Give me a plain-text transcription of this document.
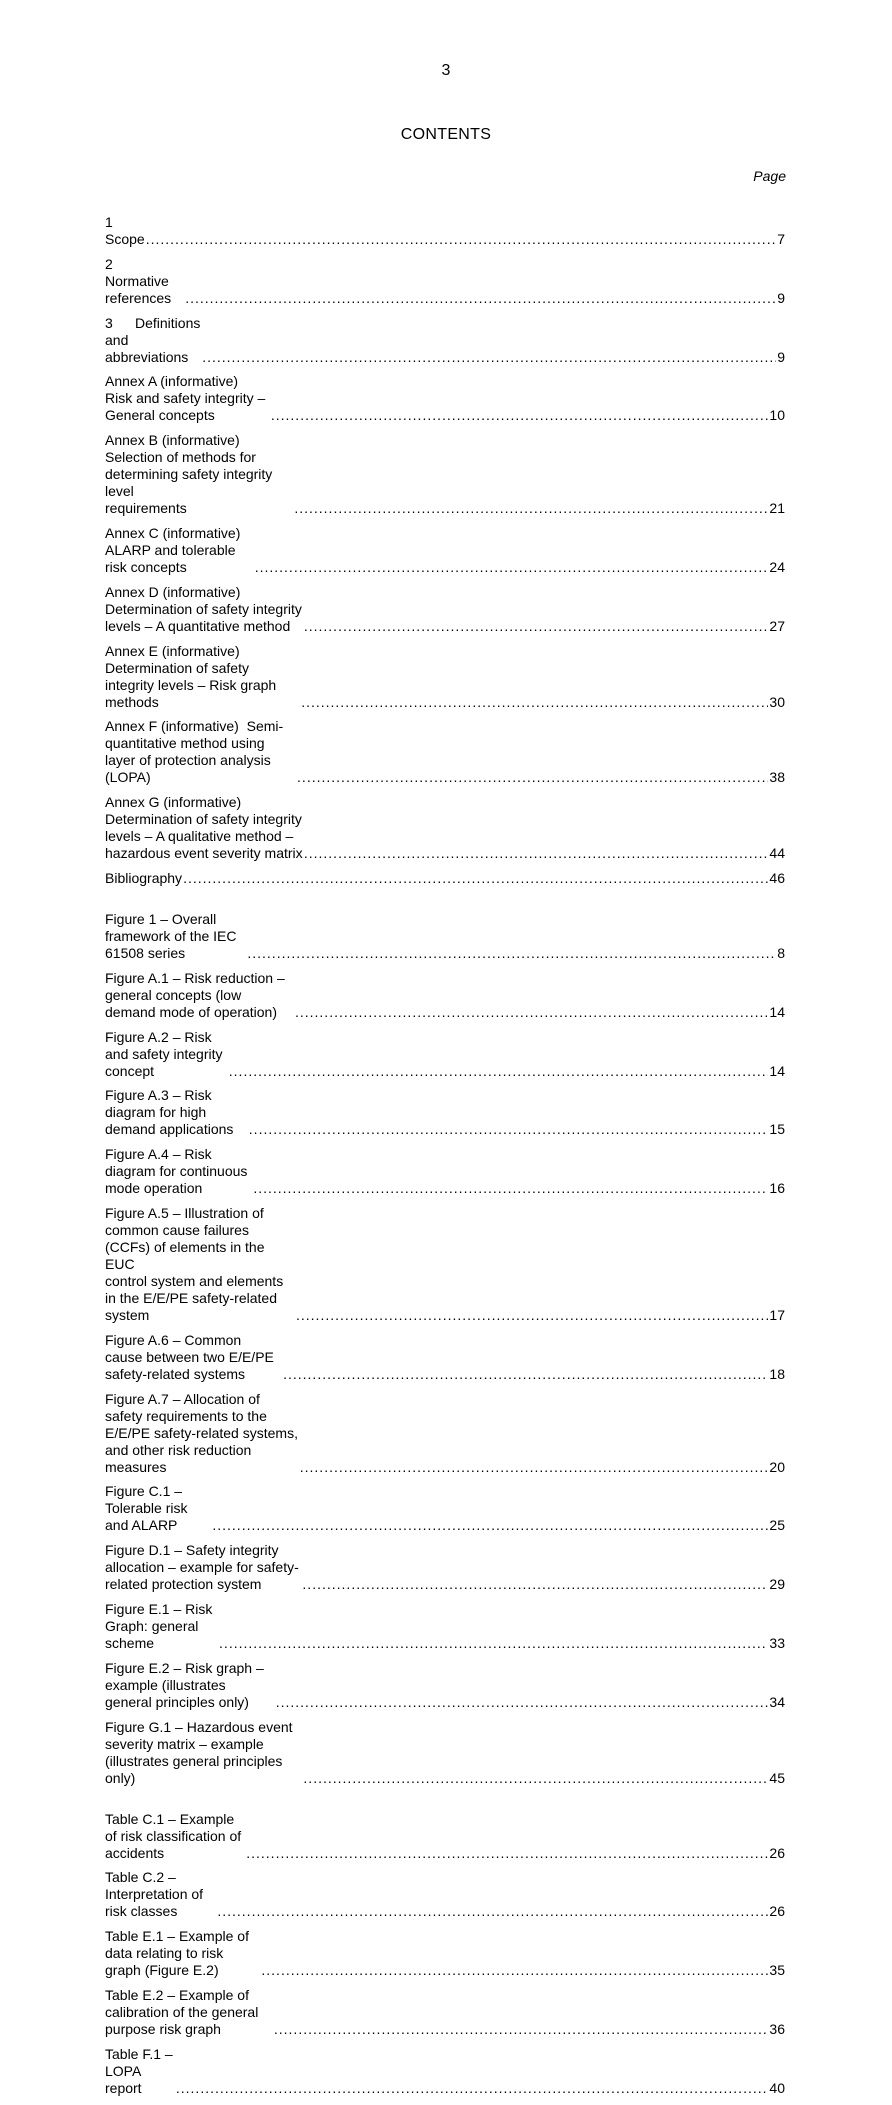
3
CONTENTS
Page
1Scope .....	7
2Normative references .....	9
3 Definitions and abbreviations .....	9
Annex A (informative)  Risk and safety integrity – General concepts .....	10
Annex B (informative)  Selection of methods for determining safety integrity level
requirements .....	21
Annex C (informative)  ALARP and tolerable risk concepts .....	24
Annex D (informative)  Determination of safety integrity levels – A quantitative method .....	27
Annex E (informative)  Determination of safety integrity levels – Risk graph methods .....	30
Annex F (informative)  Semi-quantitative method using layer of protection analysis
(LOPA) .....	38
Annex G (informative)  Determination of safety integrity levels – A qualitative method –
hazardous event severity matrix .....	44
Bibliography .....	46
Figure 1 – Overall framework of the IEC 61508 series .....	8
Figure A.1 – Risk reduction – general concepts (low demand mode of operation) .....	14
Figure A.2 – Risk and safety integrity concept .....	14
Figure A.3 – Risk diagram for high demand applications .....	15
Figure A.4 – Risk diagram for continuous mode operation .....	16
Figure A.5 – Illustration of common cause failures (CCFs) of elements in the EUC
control system and elements in the E/E/PE safety-related system .....	17
Figure A.6 – Common cause between two E/E/PE safety-related systems .....	18
Figure A.7 – Allocation of safety requirements to the E/E/PE safety-related systems,
and other risk reduction measures .....	20
Figure C.1 – Tolerable risk and ALARP .....	25
Figure D.1 – Safety integrity allocation – example for safety-related protection system .....	29
Figure E.1 – Risk Graph: general scheme .....	33
Figure E.2 – Risk graph – example (illustrates general principles only) .....	34
Figure G.1 – Hazardous event severity matrix – example (illustrates general principles
only) .....	45
Table C.1 – Example of risk classification of accidents .....	26
Table C.2 – Interpretation of risk classes .....	26
Table E.1 – Example of data relating to risk graph (Figure E.2) .....	35
Table E.2 – Example of calibration of the general purpose risk graph .....	36
Table F.1 – LOPA report .....	40
